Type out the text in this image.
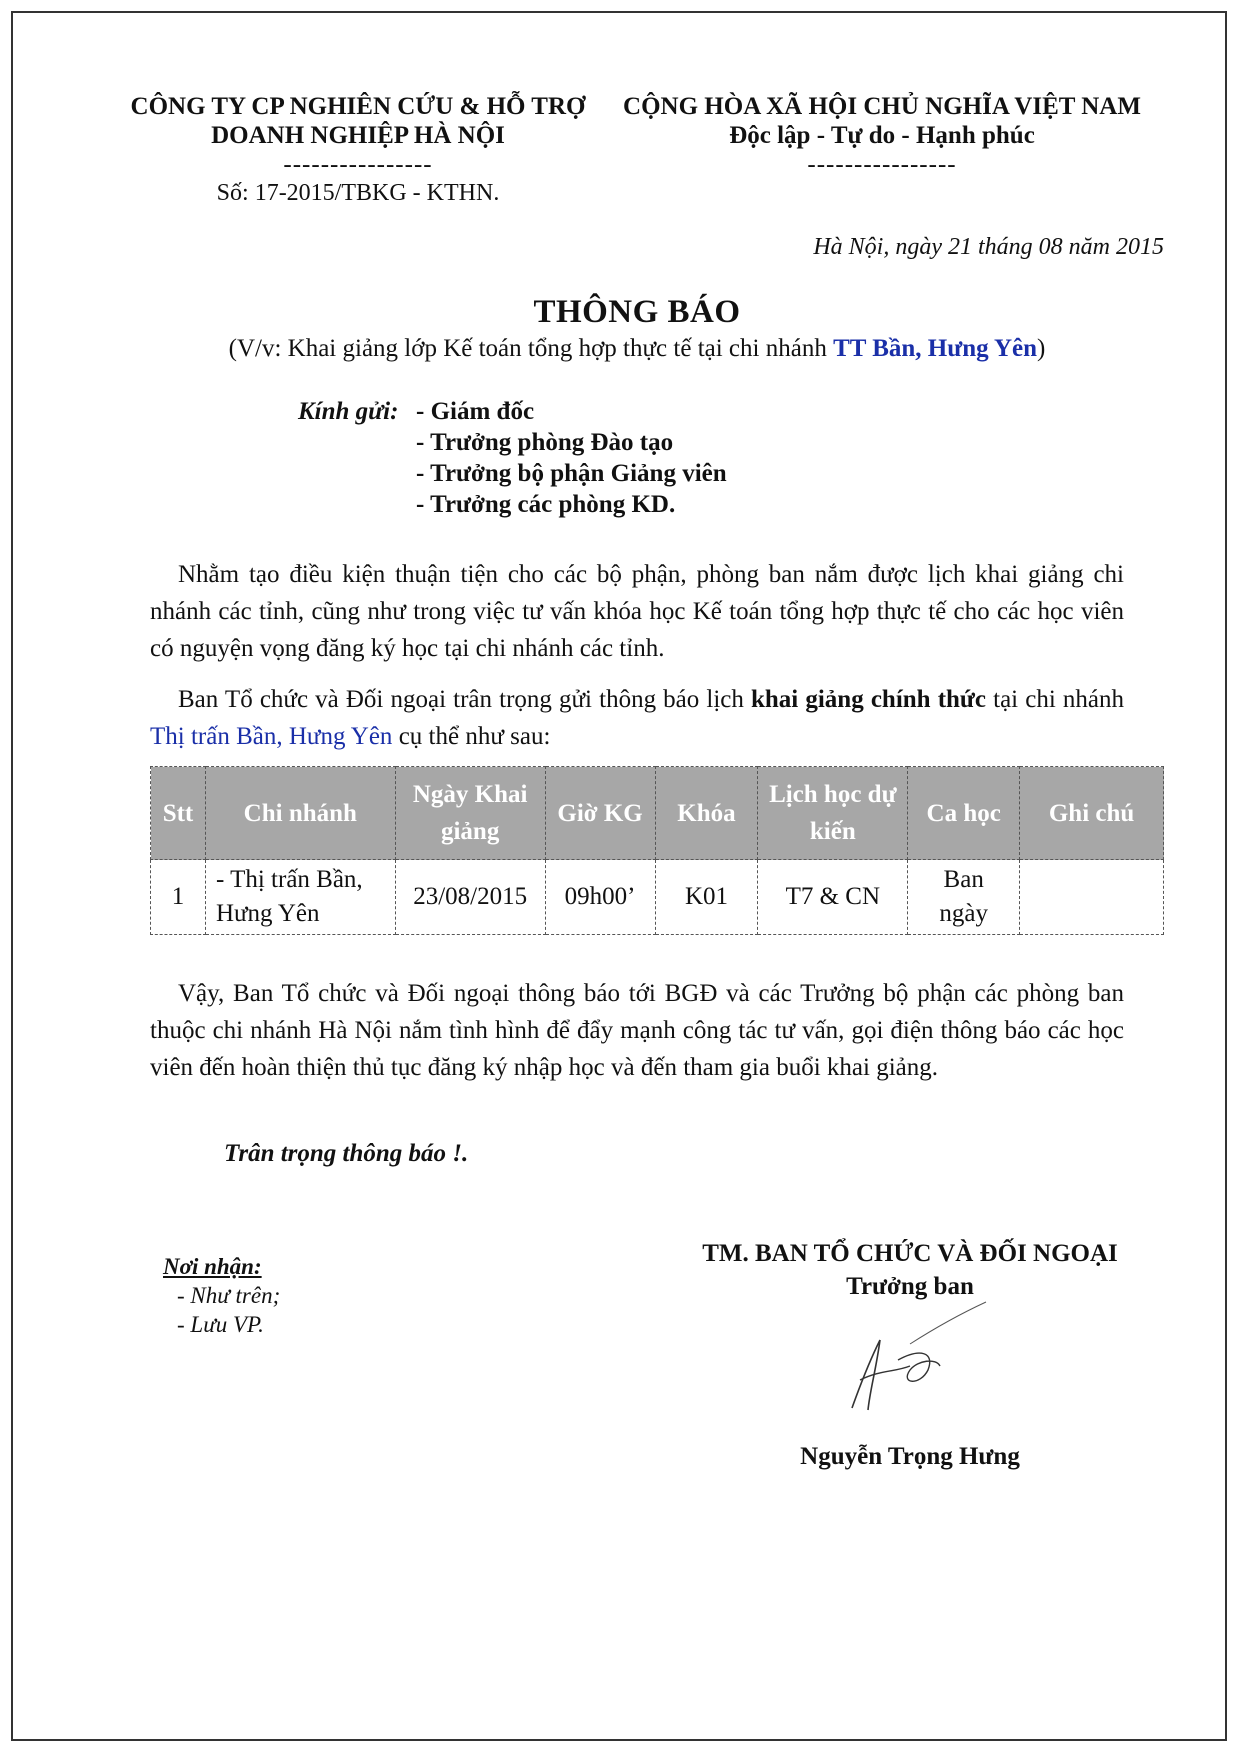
CÔNG TY CP NGHIÊN CỨU & HỖ TRỢ
DOANH NGHIỆP HÀ NỘI
----------------
Số: 17-2015/TBKG - KTHN.
CỘNG HÒA XÃ HỘI CHỦ NGHĨA VIỆT NAM
Độc lập - Tự do - Hạnh phúc
----------------
Hà Nội, ngày 21 tháng 08 năm 2015
THÔNG BÁO
(V/v: Khai giảng lớp Kế toán tổng hợp thực tế tại chi nhánh TT Bần, Hưng Yên)
Kính gửi: - Giám đốc
- Trưởng phòng Đào tạo
- Trưởng bộ phận Giảng viên
- Trưởng các phòng KD.
Nhằm tạo điều kiện thuận tiện cho các bộ phận, phòng ban nắm được lịch khai giảng chi nhánh các tỉnh, cũng như trong việc tư vấn khóa học Kế toán tổng hợp thực tế cho các học viên có nguyện vọng đăng ký học tại chi nhánh các tỉnh.
Ban Tổ chức và Đối ngoại trân trọng gửi thông báo lịch khai giảng chính thức tại chi nhánh Thị trấn Bần, Hưng Yên cụ thể như sau:
Stt	Chi nhánh	Ngày Khai giảng	Giờ KG	Khóa	Lịch học dự kiến	Ca học	Ghi chú
1	- Thị trấn Bần, Hưng Yên	23/08/2015	09h00’	K01	T7 & CN	Ban ngày	
Vậy, Ban Tổ chức và Đối ngoại thông báo tới BGĐ và các Trưởng bộ phận các phòng ban thuộc chi nhánh Hà Nội nắm tình hình để đẩy mạnh công tác tư vấn, gọi điện thông báo các học viên đến hoàn thiện thủ tục đăng ký nhập học và đến tham gia buổi khai giảng.
Trân trọng thông báo !.
Nơi nhận:
- Như trên;
- Lưu VP.
TM. BAN TỔ CHỨC VÀ ĐỐI NGOẠI
Trưởng ban
Nguyễn Trọng Hưng
